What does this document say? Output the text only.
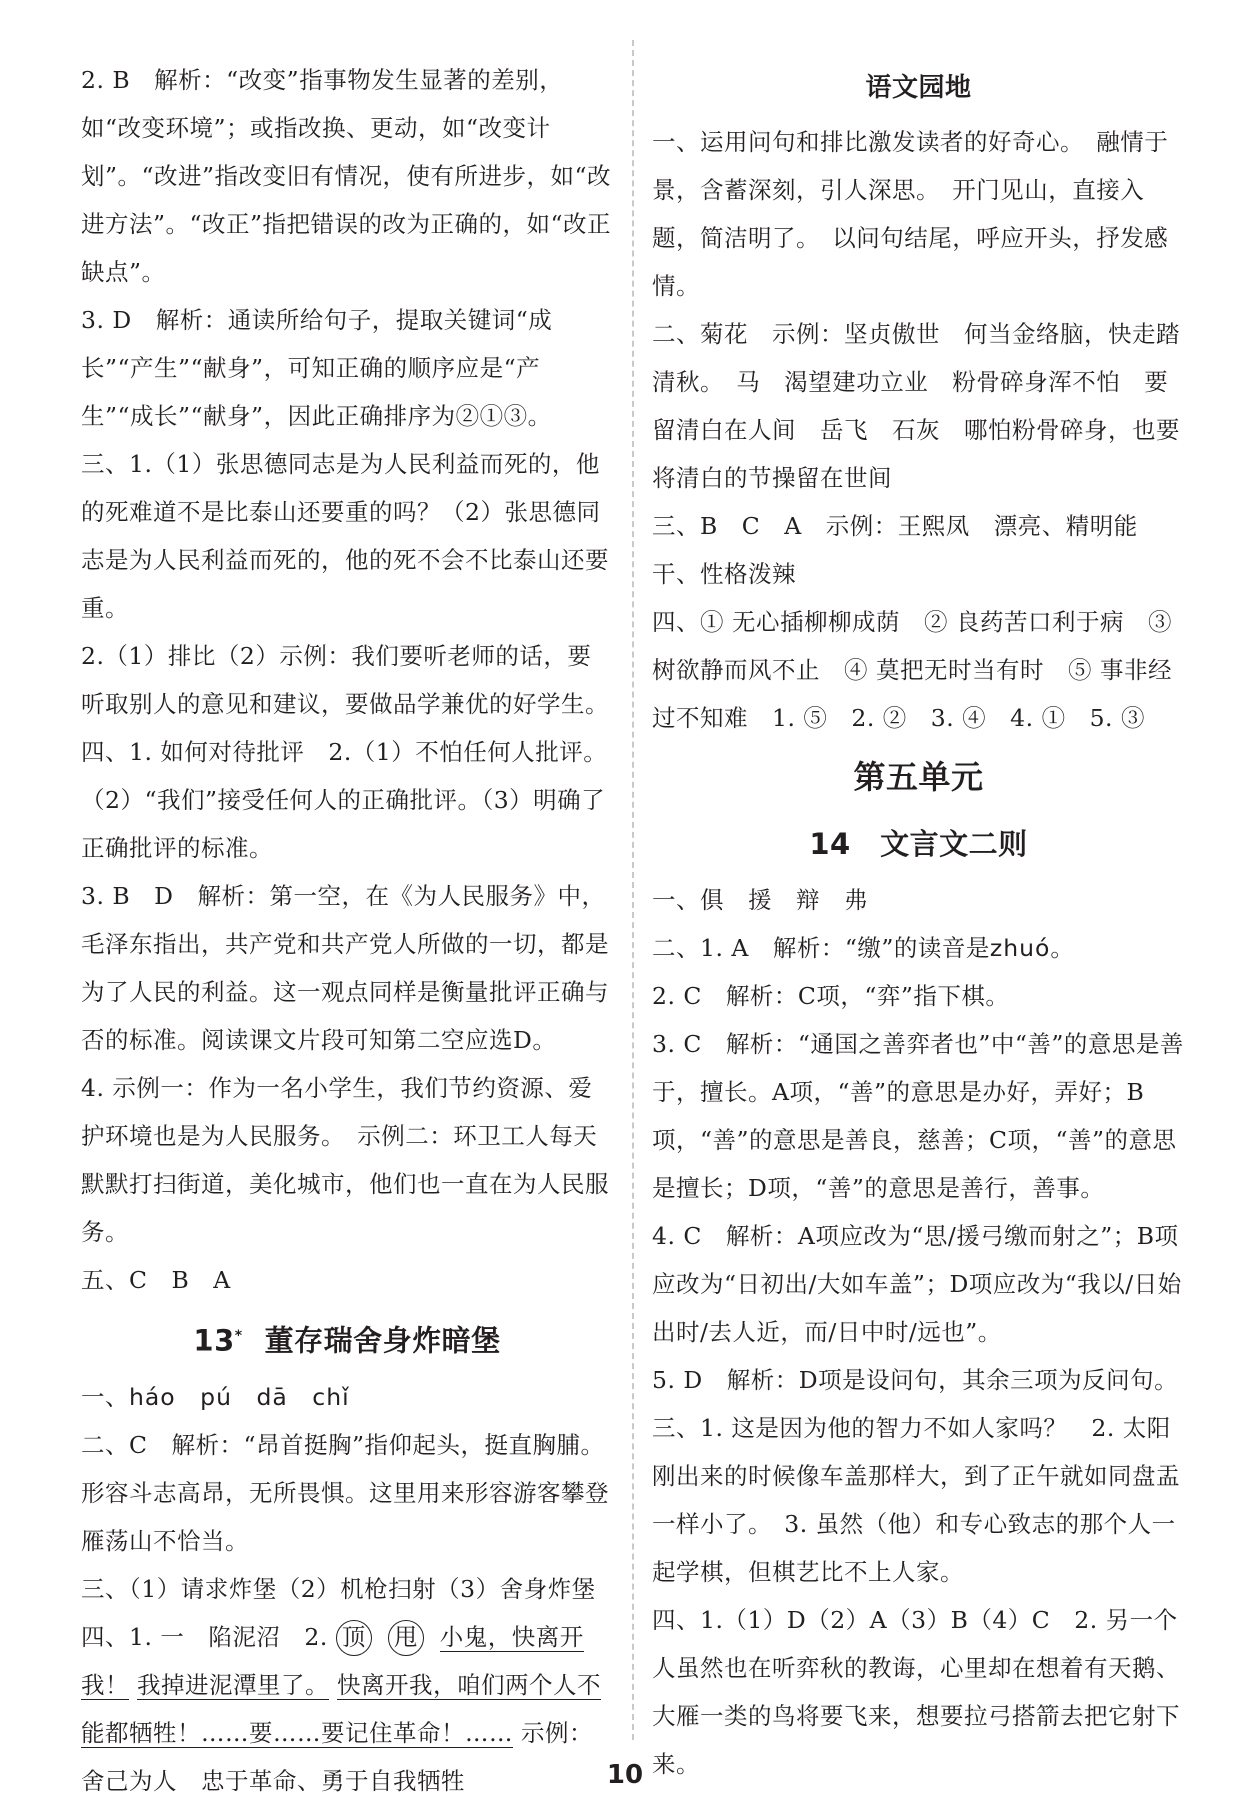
2. B　解析：“改变”指事物发生显著的差别，如“改变环境”；或指改换、更动，如“改变计划”。“改进”指改变旧有情况，使有所进步，如“改进方法”。“改正”指把错误的改为正确的，如“改正缺点”。

3. D　解析：通读所给句子，提取关键词“成长”“产生”“献身”，可知正确的顺序应是“产生”“成长”“献身”，因此正确排序为②①③。

三、1.（1）张思德同志是为人民利益而死的，他的死难道不是比泰山还要重的吗？（2）张思德同志是为人民利益而死的，他的死不会不比泰山还要重。

2.（1）排比（2）示例：我们要听老师的话，要听取别人的意见和建议，要做品学兼优的好学生。

四、1. 如何对待批评　2.（1）不怕任何人批评。（2）“我们”接受任何人的正确批评。（3）明确了正确批评的标准。

3. B　D　解析：第一空，在《为人民服务》中，毛泽东指出，共产党和共产党人所做的一切，都是为了人民的利益。这一观点同样是衡量批评正确与否的标准。阅读课文片段可知第二空应选D。

4. 示例一：作为一名小学生，我们节约资源、爱护环境也是为人民服务。　示例二：环卫工人每天默默打扫街道，美化城市，他们也一直在为人民服务。

五、C　B　A

13* 董存瑞舍身炸暗堡

一、háo　pú　dā　chǐ

二、C　解析：“昂首挺胸”指仰起头，挺直胸脯。形容斗志高昂，无所畏惧。这里用来形容游客攀登雁荡山不恰当。

三、（1）请求炸堡（2）机枪扫射（3）舍身炸堡

四、1. 一　陷泥沼　2. 顶 甩 小鬼，快离开我！ 我掉进泥潭里了。 快离开我，咱们两个人不能都牺牲！……要……要记住革命！…… 示例：舍己为人　忠于革命、勇于自我牺牲

语文园地

一、运用问句和排比激发读者的好奇心。　融情于景，含蓄深刻，引人深思。　开门见山，直接入题，简洁明了。　以问句结尾，呼应开头，抒发感情。

二、菊花　示例：坚贞傲世　何当金络脑，快走踏清秋。　马　渴望建功立业　粉骨碎身浑不怕　要留清白在人间　岳飞　石灰　哪怕粉骨碎身，也要将清白的节操留在世间

三、B　C　A　示例：王熙凤　漂亮、精明能干、性格泼辣

四、① 无心插柳柳成荫　② 良药苦口利于病　③ 树欲静而风不止　④ 莫把无时当有时　⑤ 事非经过不知难　1. ⑤　2. ②　3. ④　4. ①　5. ③

第五单元

14　文言文二则

一、俱　援　辩　弗

二、1. A　解析：“缴”的读音是zhuó。

2. C　解析：C项，“弈”指下棋。

3. C　解析：“通国之善弈者也”中“善”的意思是善于，擅长。A项，“善”的意思是办好，弄好；B项，“善”的意思是善良，慈善；C项，“善”的意思是擅长；D项，“善”的意思是善行，善事。

4. C　解析：A项应改为“思/援弓缴而射之”；B项应改为“日初出/大如车盖”；D项应改为“我以/日始出时/去人近，而/日中时/远也”。

5. D　解析：D项是设问句，其余三项为反问句。

三、1. 这是因为他的智力不如人家吗？　2. 太阳刚出来的时候像车盖那样大，到了正午就如同盘盂一样小了。　3. 虽然（他）和专心致志的那个人一起学棋，但棋艺比不上人家。

四、1.（1）D（2）A（3）B（4）C　2. 另一个人虽然也在听弈秋的教诲，心里却在想着有天鹅、大雁一类的鸟将要飞来，想要拉弓搭箭去把它射下来。

10
